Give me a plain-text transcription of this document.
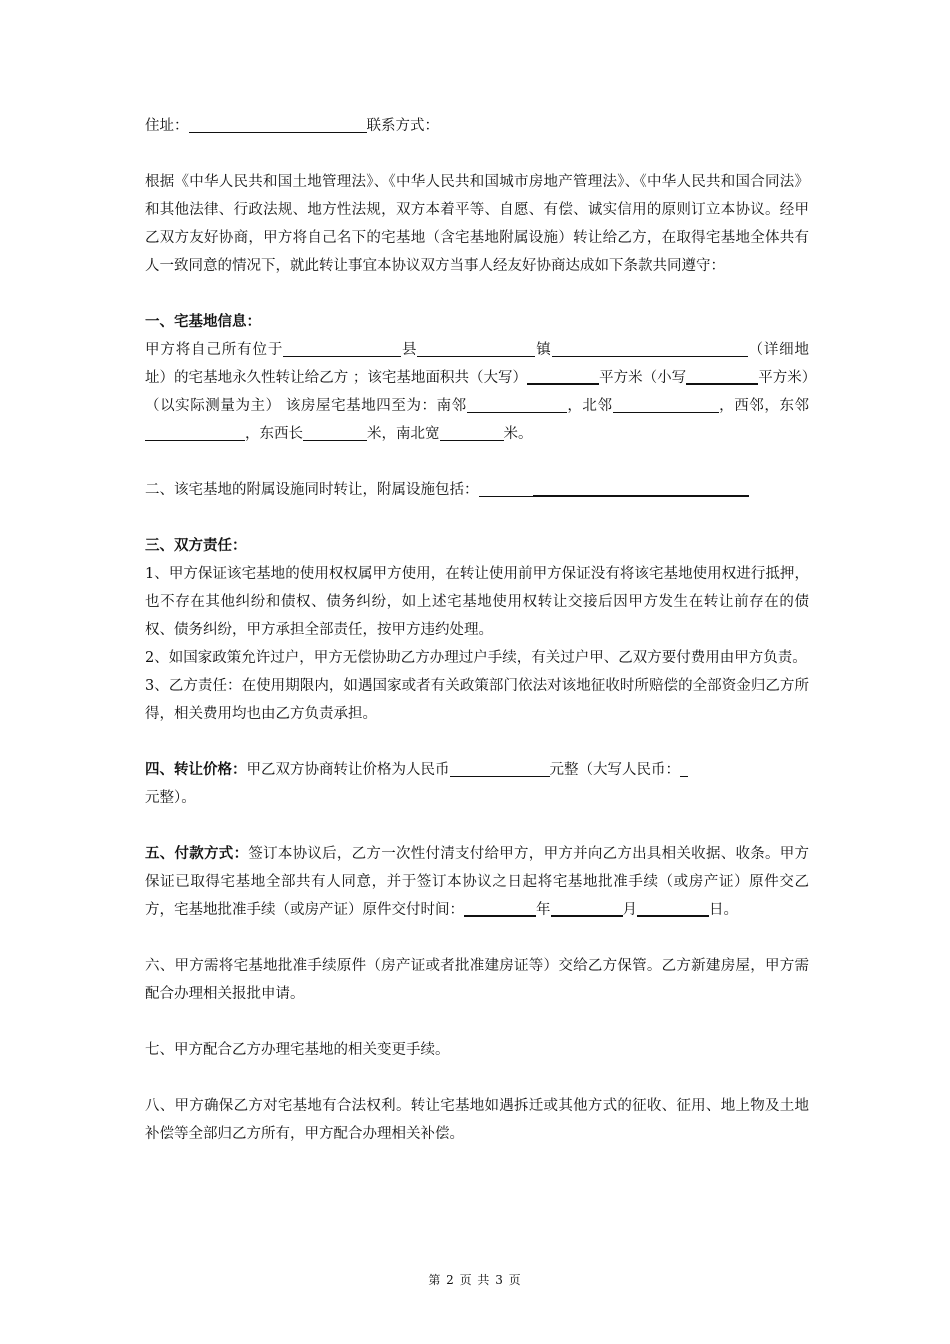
住址：	联系方式：

根据《中华人民共和国土地管理法》、《中华人民共和国城市房地产管理法》、《中华人民共和国合同法》和其他法律、行政法规、地方性法规，双方本着平等、自愿、有偿、诚实信用的原则订立本协议。经甲乙双方友好协商，甲方将自己名下的宅基地（含宅基地附属设施）转让给乙方，在取得宅基地全体共有人一致同意的情况下，就此转让事宜本协议双方当事人经友好协商达成如下条款共同遵守：

一、宅基地信息：

甲方将自己所有位于	县	镇	（详细地址）的宅基地永久性转让给乙方 ；该宅基地面积共（大写）	平方米（小写	平方米）（以实际测量为主） 该房屋宅基地四至为：南邻	，北邻	，西邻，东邻，东西长	米，南北宽	米。

二、该宅基地的附属设施同时转让，附属设施包括：

三、双方责任：

1、甲方保证该宅基地的使用权权属甲方使用，在转让使用前甲方保证没有将该宅基地使用权进行抵押，也不存在其他纠纷和债权、债务纠纷，如上述宅基地使用权转让交接后因甲方发生在转让前存在的债权、债务纠纷，甲方承担全部责任，按甲方违约处理。

2、如国家政策允许过户，甲方无偿协助乙方办理过户手续，有关过户甲、乙双方要付费用由甲方负责。

3、乙方责任：在使用期限内，如遇国家或者有关政策部门依法对该地征收时所赔偿的全部资金归乙方所得，相关费用均也由乙方负责承担。

四、转让价格：甲乙双方协商转让价格为人民币	元整（大写人民币：
元整）。

五、付款方式：签订本协议后，乙方一次性付清支付给甲方，甲方并向乙方出具相关收据、收条。甲方保证已取得宅基地全部共有人同意，并于签订本协议之日起将宅基地批准手续（或房产证）原件交乙方，宅基地批准手续（或房产证）原件交付时间：	年	月	日。

六、甲方需将宅基地批准手续原件（房产证或者批准建房证等）交给乙方保管。乙方新建房屋，甲方需配合办理相关报批申请。

七、甲方配合乙方办理宅基地的相关变更手续。

八、甲方确保乙方对宅基地有合法权利。转让宅基地如遇拆迁或其他方式的征收、征用、地上物及土地补偿等全部归乙方所有，甲方配合办理相关补偿。

第 2 页 共 3 页
